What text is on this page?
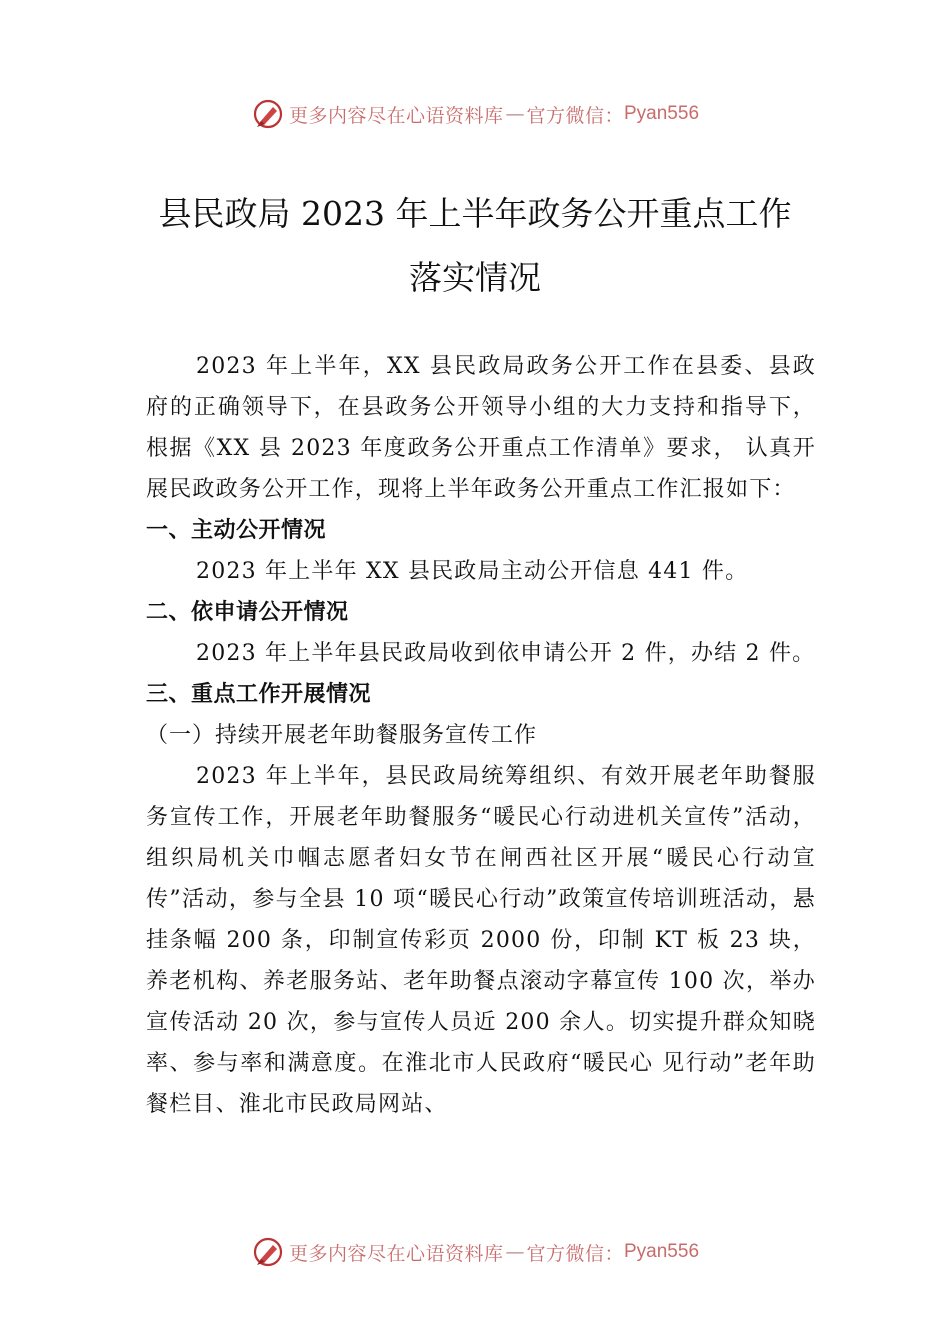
更多内容尽在心语资料库 — 官方微信： Pyan556
县民政局 2023 年上半年政务公开重点工作
落实情况

2023 年上半年，XX 县民政局政务公开工作在县委、县政府的正确领导下，在县政务公开领导小组的大力支持和指导下，根据《XX 县 2023 年度政务公开重点工作清单》要求， 认真开展民政政务公开工作，现将上半年政务公开重点工作汇报如下：

一、主动公开情况

2023 年上半年 XX 县民政局主动公开信息 441 件。

二、依申请公开情况

2023 年上半年县民政局收到依申请公开 2 件，办结 2 件。

三、重点工作开展情况

（一）持续开展老年助餐服务宣传工作

2023 年上半年，县民政局统筹组织、有效开展老年助餐服务宣传工作，开展老年助餐服务“暖民心行动进机关宣传”活动，组织局机关巾帼志愿者妇女节在闸西社区开展“暖民心行动宣传”活动，参与全县 10 项“暖民心行动”政策宣传培训班活动，悬挂条幅 200 条，印制宣传彩页 2000 份，印制 KT 板 23 块，养老机构、养老服务站、老年助餐点滚动字幕宣传 100 次，举办宣传活动 20 次，参与宣传人员近 200 余人。切实提升群众知晓率、参与率和满意度。在淮北市人民政府“暖民心 见行动”老年助餐栏目、淮北市民政局网站、

更多内容尽在心语资料库 — 官方微信： Pyan556
